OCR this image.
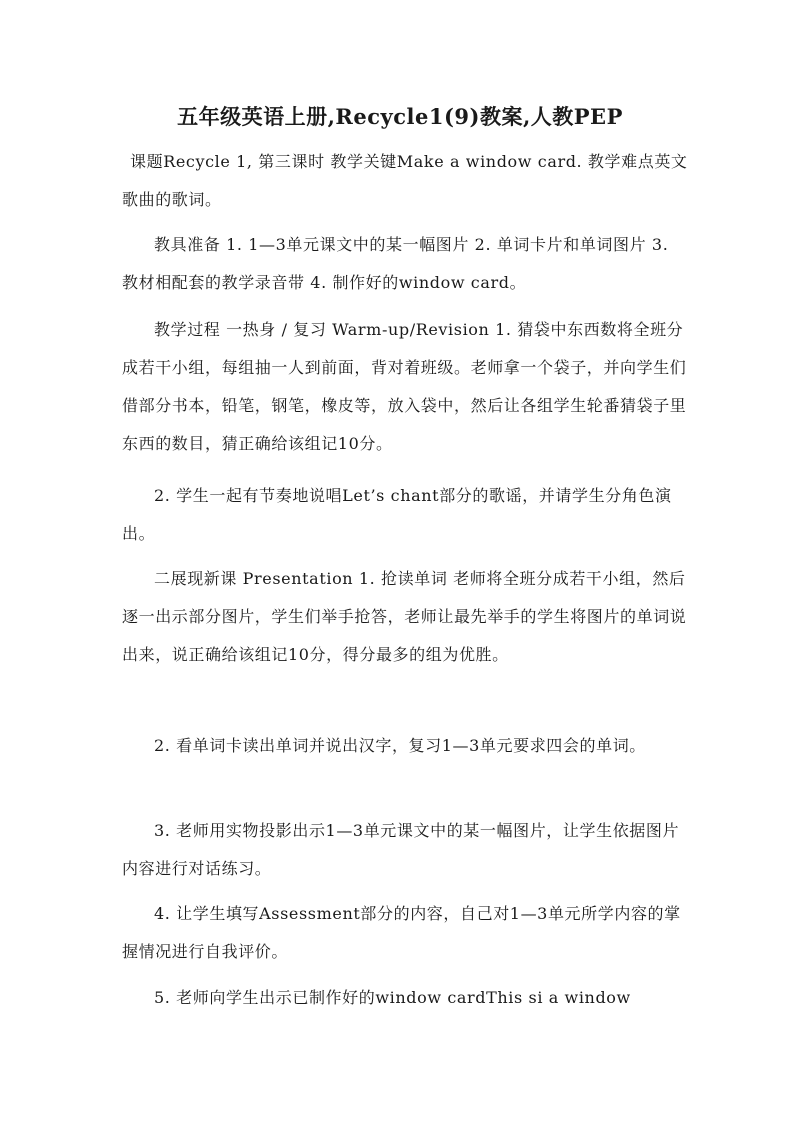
五年级英语上册,Recycle1(9)教案,人教PEP

课题Recycle 1, 第三课时 教学关键Make a window card. 教学难点英文歌曲的歌词。

教具准备 1. 1—3单元课文中的某一幅图片 2. 单词卡片和单词图片 3. 教材相配套的教学录音带 4. 制作好的window card。

教学过程 一热身 / 复习 Warm-up/Revision 1. 猜袋中东西数将全班分成若干小组，每组抽一人到前面，背对着班级。老师拿一个袋子，并向学生们借部分书本，铅笔，钢笔，橡皮等，放入袋中，然后让各组学生轮番猜袋子里东西的数目，猜正确给该组记10分。

2. 学生一起有节奏地说唱Let’s chant部分的歌谣，并请学生分角色演出。

二展现新课 Presentation 1. 抢读单词 老师将全班分成若干小组，然后逐一出示部分图片，学生们举手抢答，老师让最先举手的学生将图片的单词说出来，说正确给该组记10分，得分最多的组为优胜。

2. 看单词卡读出单词并说出汉字，复习1—3单元要求四会的单词。

3. 老师用实物投影出示1—3单元课文中的某一幅图片，让学生依据图片内容进行对话练习。

4. 让学生填写Assessment部分的内容，自己对1—3单元所学内容的掌握情况进行自我评价。

5. 老师向学生出示已制作好的window cardThis si a window
